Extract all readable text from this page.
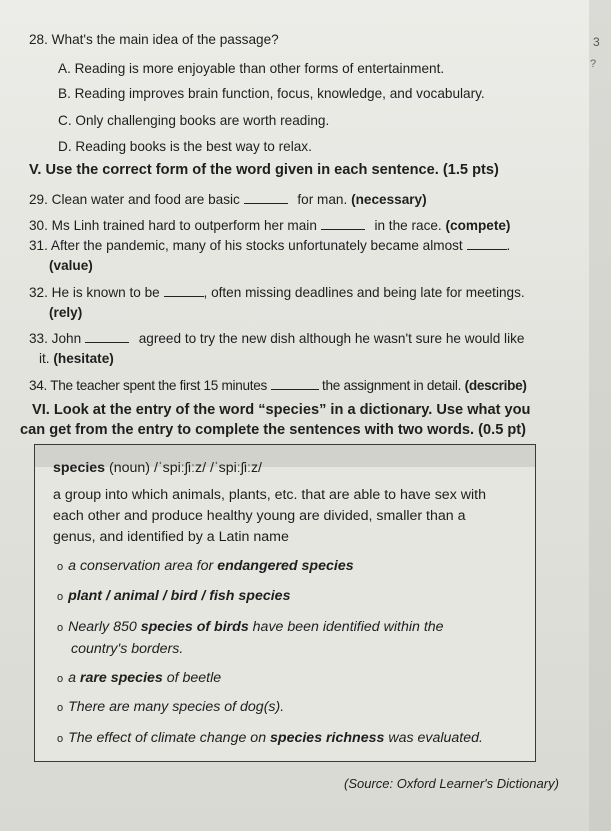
3
?
28. What's the main idea of the passage?
A. Reading is more enjoyable than other forms of entertainment.
B. Reading improves brain function, focus, knowledge, and vocabulary.
C. Only challenging books are worth reading.
D. Reading books is the best way to relax.
V. Use the correct form of the word given in each sentence. (1.5 pts)
29. Clean water and food are basic	for man. (necessary)
30. Ms Linh trained hard to outperform her main	in the race. (compete)
31. After the pandemic, many of his stocks unfortunately became almost	.
(value)
32. He is known to be	, often missing deadlines and being late for meetings.
(rely)
33. John	agreed to try the new dish although he wasn't sure he would like
it. (hesitate)
34. The teacher spent the first 15 minutes	the assignment in detail. (describe)
VI. Look at the entry of the word “species” in a dictionary. Use what you
can get from the entry to complete the sentences with two words. (0.5 pt)
species (noun) /ˈspiːʃiːz/ /ˈspiːʃiːz/
a group into which animals, plants, etc. that are able to have sex with
each other and produce healthy young are divided, smaller than a
genus, and identified by a Latin name
o a conservation area for endangered species
o plant / animal / bird / fish species
o Nearly 850 species of birds have been identified within the
country's borders.
o a rare species of beetle
o There are many species of dog(s).
o The effect of climate change on species richness was evaluated.
(Source: Oxford Learner's Dictionary)
